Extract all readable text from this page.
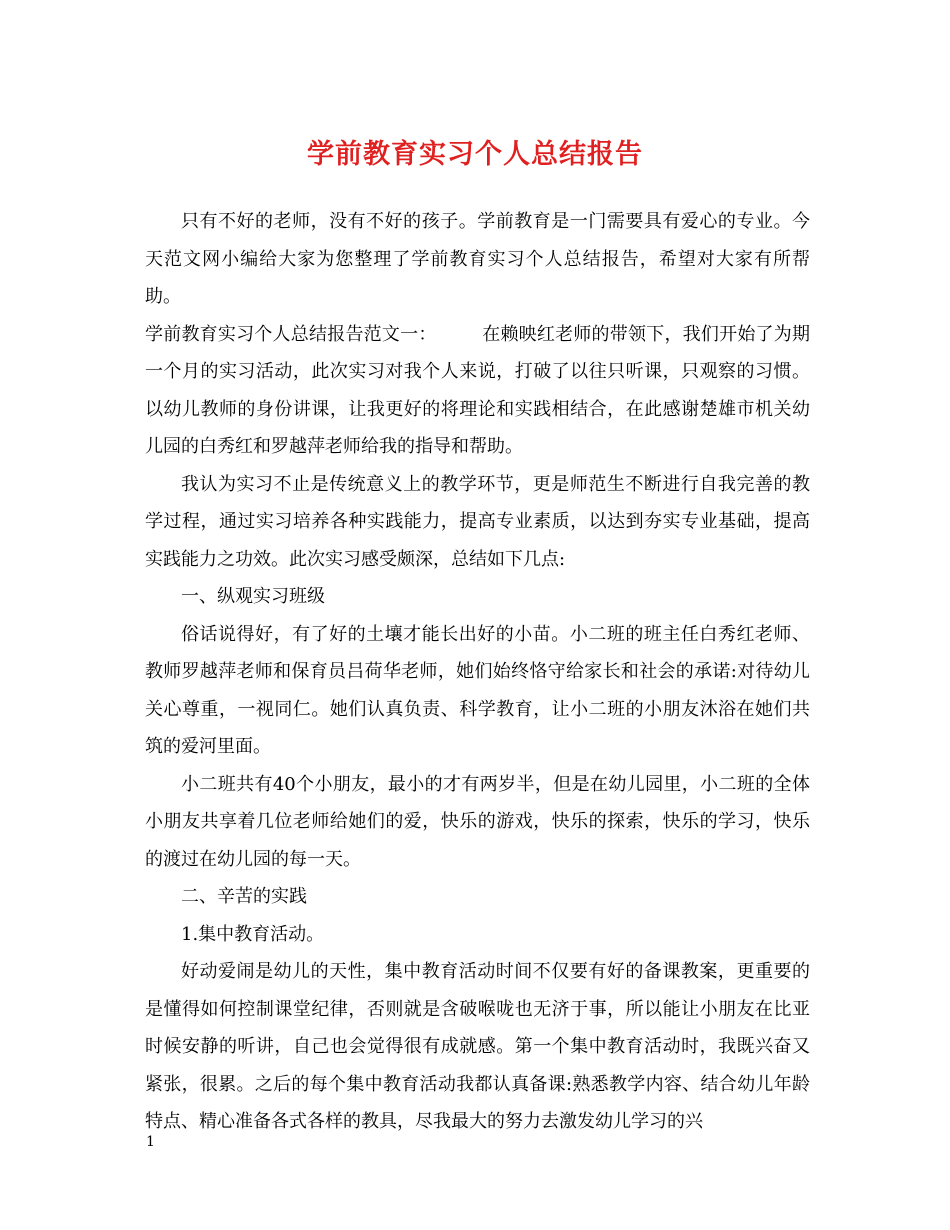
学前教育实习个人总结报告

只有不好的老师，没有不好的孩子。学前教育是一门需要具有爱心的专业。今天范文网小编给大家为您整理了学前教育实习个人总结报告，希望对大家有所帮助。

学前教育实习个人总结报告范文一：　　　在赖映红老师的带领下，我们开始了为期一个月的实习活动，此次实习对我个人来说，打破了以往只听课，只观察的习惯。以幼儿教师的身份讲课，让我更好的将理论和实践相结合，在此感谢楚雄市机关幼儿园的白秀红和罗越萍老师给我的指导和帮助。

我认为实习不止是传统意义上的教学环节，更是师范生不断进行自我完善的教学过程，通过实习培养各种实践能力，提高专业素质，以达到夯实专业基础，提高实践能力之功效。此次实习感受颇深，总结如下几点:

一、纵观实习班级

俗话说得好，有了好的土壤才能长出好的小苗。小二班的班主任白秀红老师、教师罗越萍老师和保育员吕荷华老师，她们始终恪守给家长和社会的承诺:对待幼儿关心尊重，一视同仁。她们认真负责、科学教育，让小二班的小朋友沐浴在她们共筑的爱河里面。

小二班共有40个小朋友，最小的才有两岁半，但是在幼儿园里，小二班的全体小朋友共享着几位老师给她们的爱，快乐的游戏，快乐的探索，快乐的学习，快乐的渡过在幼儿园的每一天。

二、辛苦的实践

1.集中教育活动。

好动爱闹是幼儿的天性，集中教育活动时间不仅要有好的备课教案，更重要的是懂得如何控制课堂纪律，否则就是含破喉咙也无济于事，所以能让小朋友在比亚时候安静的听讲，自己也会觉得很有成就感。第一个集中教育活动时，我既兴奋又紧张，很累。之后的每个集中教育活动我都认真备课:熟悉教学内容、结合幼儿年龄特点、精心准备各式各样的教具，尽我最大的努力去激发幼儿学习的兴

1
